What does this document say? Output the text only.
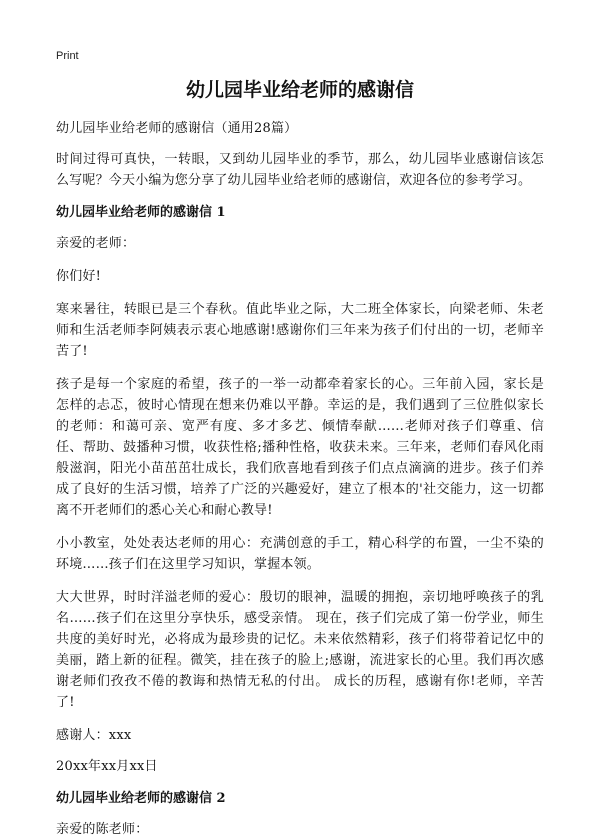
Print
幼儿园毕业给老师的感谢信

幼儿园毕业给老师的感谢信（通用28篇）

时间过得可真快，一转眼，又到幼儿园毕业的季节，那么，幼儿园毕业感谢信该怎么写呢？今天小编为您分享了幼儿园毕业给老师的感谢信，欢迎各位的参考学习。

幼儿园毕业给老师的感谢信 1

亲爱的老师：

你们好!

寒来暑往，转眼已是三个春秋。值此毕业之际，大二班全体家长，向梁老师、朱老师和生活老师李阿姨表示衷心地感谢!感谢你们三年来为孩子们付出的一切，老师辛苦了!

孩子是每一个家庭的希望，孩子的一举一动都牵着家长的心。三年前入园，家长是怎样的忐忑，彼时心情现在想来仍难以平静。幸运的是，我们遇到了三位胜似家长的老师：和蔼可亲、宽严有度、多才多艺、倾情奉献……老师对孩子们尊重、信任、帮助、鼓播种习惯，收获性格;播种性格，收获未来。三年来，老师们春风化雨般滋润，阳光小苗茁茁壮成长，我们欣喜地看到孩子们点点滴滴的进步。孩子们养成了良好的生活习惯，培养了广泛的兴趣爱好，建立了根本的'社交能力，这一切都离不开老师们的悉心关心和耐心教导!

小小教室，处处表达老师的用心：充满创意的手工，精心科学的布置，一尘不染的环境……孩子们在这里学习知识，掌握本领。

大大世界，时时洋溢老师的爱心：殷切的眼神，温暖的拥抱，亲切地呼唤孩子的乳名……孩子们在这里分享快乐，感受亲情。 现在，孩子们完成了第一份学业，师生共度的美好时光，必将成为最珍贵的记忆。未来依然精彩，孩子们将带着记忆中的美丽，踏上新的征程。微笑，挂在孩子的脸上;感谢，流进家长的心里。我们再次感谢老师们孜孜不倦的教诲和热情无私的付出。 成长的历程，感谢有你!老师，辛苦了!

感谢人：xxx

20xx年xx月xx日

幼儿园毕业给老师的感谢信 2

亲爱的陈老师：
